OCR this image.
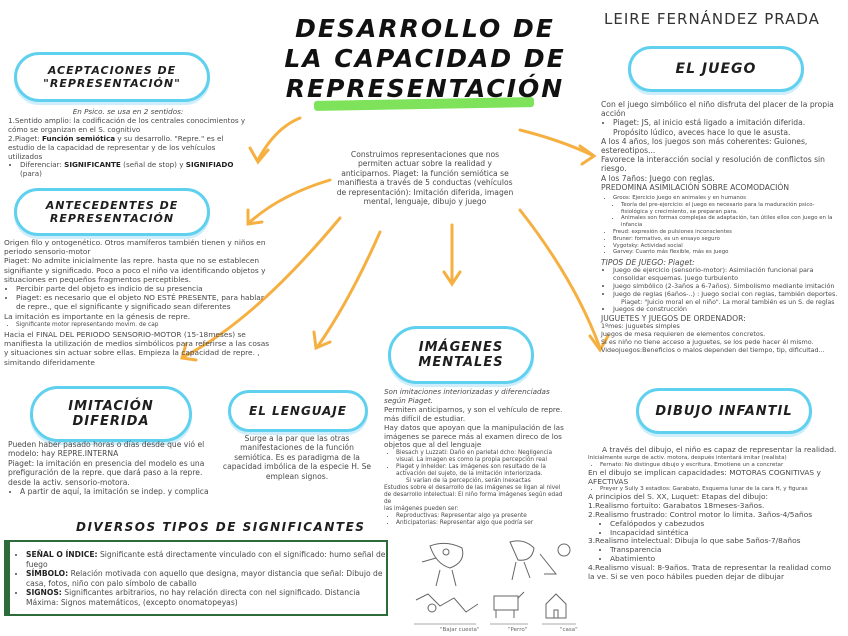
DESARROLLO DE
LA CAPACIDAD DE
REPRESENTACIÓN
LEIRE FERNÁNDEZ PRADA
Construimos representaciones que nos permiten actuar sobre la realidad y anticiparnos. Piaget: la función semiótica se manifiesta a través de 5 conductas (vehículos de representación): Imitación diferida, imagen mental, lenguaje, dibujo y juego
ACEPTACIONES DE
"REPRESENTACIÓN"
En Psico. se usa en 2 sentidos:
1.Sentido amplio: la codificación de los centrales conocimientos y cómo se organizan en el S. cognitivo
2.Piaget: Función semiótica y su desarrollo. "Repre." es el estudio de la capacidad de representar y de los vehículos utilizados
• Diferenciar: SIGNIFICANTE (señal de stop) y SIGNIFIADO (para)
ANTECEDENTES DE
REPRESENTACIÓN
Origen filo y ontogenético. Otros mamíferos también tienen y niños en periodo sensorio-motor
Piaget: No admite inicialmente las repre. hasta que no se establecen signifiante y significado. Poco a poco el niño va identificando objetos y situaciones en pequeños fragmentos perceptibles.
• Percibir parte del objeto es indicio de su presencia
• Piaget: es necesario que el objeto NO ESTÉ PRESENTE, para hablar de repre., que el significante y significado sean diferentes
La imitación es importante en la génesis de repre.
• Significante motor representando movim. de cap
Hacia el FINAL DEL PERIODO SENSORIO-MOTOR (15-18meses) se manifiesta la utilización de medios simbólicos para referirse a las cosas y situaciones sin actuar sobre ellas. Empieza la capacidad de repre. , simitando diferidamente
IMITACIÓN
DIFERIDA
Pueden haber pasado horas o días desde que vió el modelo: hay REPRE.INTERNA
Piaget: la imitación en presencia del modelo es una prefiguración de la repre. que dará paso a la repre. desde la activ. sensorio-motora.
• A partir de aquí, la imitación se indep. y complica
EL LENGUAJE
Surge a la par que las otras manifestaciones de la función semiótica. Es es paradigma de la capacidad imbólica de la especie H. Se emplean signos.
IMÁGENES
MENTALES
Son imitaciones interiorizadas y diferenciadas según Piaget.
Permiten anticiparnos, y son el vehículo de repre. más difícil de estudiar.
Hay datos que apoyan que la manipulación de las imágenes se parece más al examen direco de los objetos que al del lenguaje
• Biesach y Luzzati: Daño en parietal dcho: Negligencia visual. La imagen es como la propia percepción real
• Piaget y Inhelder: Las imágenes son resultado de la activación del sujeto, de la imitación interiorizada.
Si varían de la percepción, serán inexactas
Estudios sobre el desarrollo de las imágenes se ligan al nivel de desarrollo intelectual: El niño forma imágenes según edad de
las imágenes pueden ser:
• Reproductivas: Representar algo ya presente
• Anticipatorias: Representar algo que podría ser
EL JUEGO
Con el juego simbólico el niño disfruta del placer de la propia acción
• Piaget: JS, al inicio está ligado a imitación diferida. Propósito lúdico, aveces hace lo que le asusta.
A los 4 años, los juegos son más coherentes: Guiones, estereotipos...
Favorece la interacción social y resolución de conflictos sin riesgo.
A los 7años: Juego con reglas.
PREDOMINA ASIMILACIÓN SOBRE ACOMODACIÓN
• Groos: Ejercicio juego en animales y en humanos
• Teoría del pre-ejercicio: el juego es necesario para la maduración psico-fisiológica y crecimiento, se preparan para.
• Animales son formas complejas de adaptación, tan útiles ellos con juego en la infancia
• Freud: expresión de pulsiones inconscientes
• Bruner: formativo, es un ensayo seguro
• Vygotsky: Actividad social
• Garvey: Cuanto más flexible, más es juego
TIPOS DE JUEGO: Piaget:
• Juego de ejercicio (sensorio-motor): Asimilación funcional para consolidar esquemas. Juego turbulento
• Juego simbólico (2-3años a 6-7años). Simbolismo mediante imitación
• Juego de reglas (6años-..) : Juego social con reglas, también deportes.
Piaget: "Juicio moral en el niño". La moral también es un S. de reglas
• Juegos de construcción
JUGUETES Y JUEGOS DE ORDENADOR:
1ºmes: juguetes simples
Juegos de mesa requieren de elementos concretos.
Si es niño no tiene acceso a juguetes, se los pede hacer él mismo.
Videojuegos:Beneficios o malos dependen del tiempo, tip, dificultad...
DIBUJO INFANTIL
A través del dibujo, el niño es capaz de representar la realidad.
Inicialmente surge de activ. motora, después intentará imitar (realista)
• Fernato: No distingue dibujo y escritura. Emotiene un a concretar
En el dibujo se implican capacidades: MOTORAS COGNITIVAS y AFECTIVAS
• Preyer y Sully 3 estadios: Garabato, Esquema lunar de la cara H, y figuras
A principios del S. XX, Luquet: Etapas del dibujo:
1.Realismo fortuito: Garabatos 18meses-3años.
2.Realismo frustrado: Control motor lo limita. 3años-4/5años
• Cefalópodos y cabezudos
• Incapacidad sintética
3.Realismo intelectual: Dibuja lo que sabe 5años-7/8años
• Transparencia
• Abatimiento
4.Realismo visual: 8-9años. Trata de representar la realidad como la ve. Si se ven poco hábiles pueden dejar de dibujar
"Bajar cuesta"	"Perro"	"casa"
DIVERSOS TIPOS DE SIGNIFICANTES
• SEÑAL O ÍNDICE: Significante está directamente vinculado con el significado: humo señal de fuego
• SÍMBOLO: Relación motivada con aquello que designa, mayor distancia que señal: Dibujo de casa, fotos, niño con palo símbolo de caballo
• SIGNOS: Significantes arbitrarios, no hay relación directa con nel significado. Distancia Máxima: Signos matemáticos, (excepto onomatopeyas)
